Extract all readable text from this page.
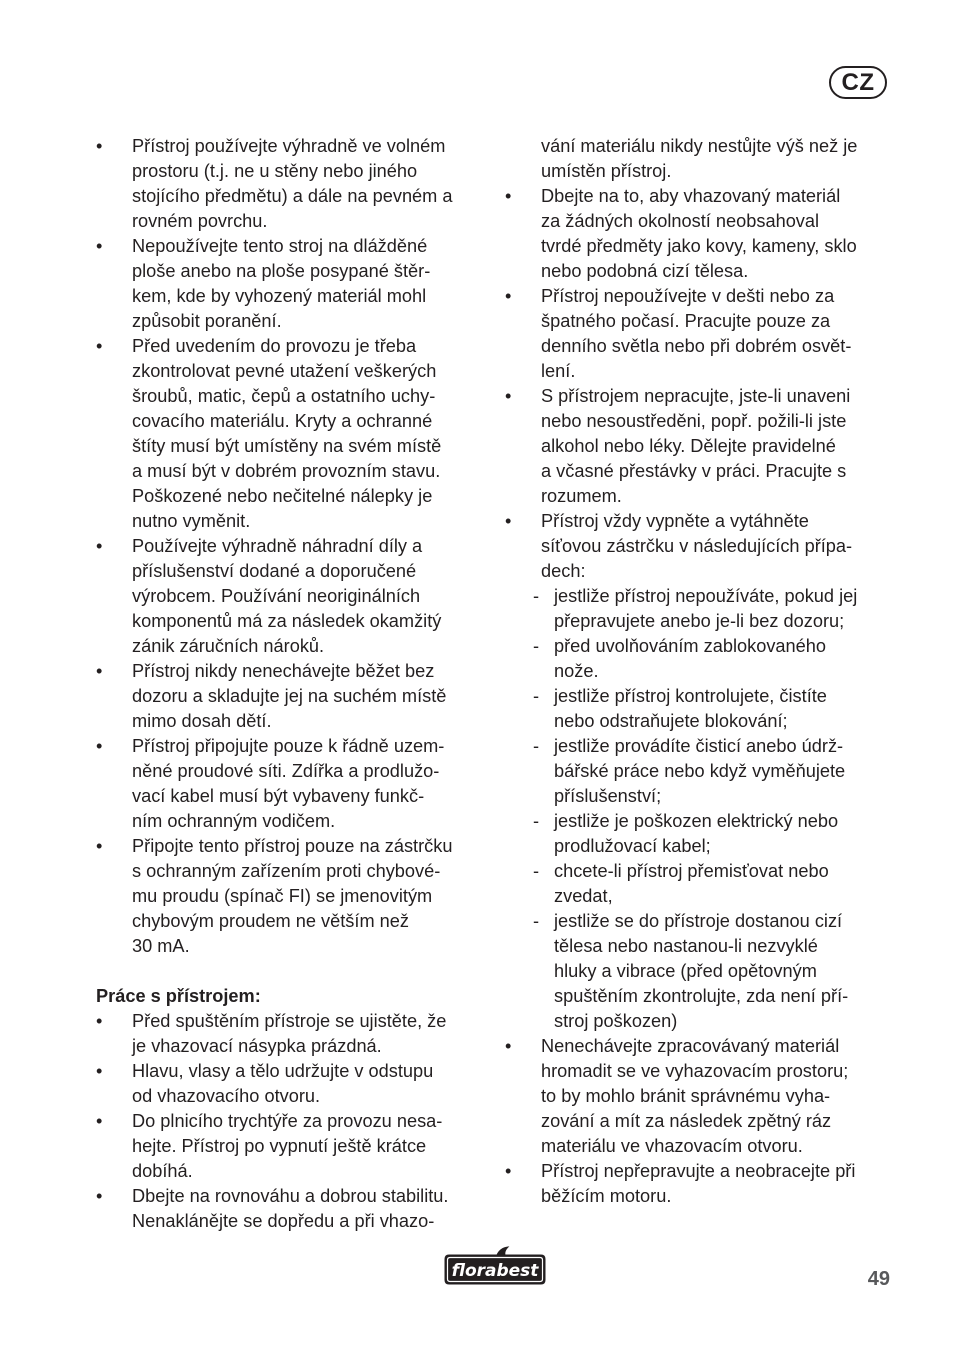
CZ
• Přístroj používejte výhradně ve volném
prostoru (t.j. ne u stěny nebo jiného
stojícího předmětu) a dále na pevném a
rovném povrchu.
• Nepoužívejte tento stroj na dlážděné
ploše anebo na ploše posypané štěr-
kem, kde by vyhozený materiál mohl
způsobit poranění.
• Před uvedením do provozu je třeba
zkontrolovat pevné utažení veškerých
šroubů, matic, čepů a ostatního uchy-
covacího materiálu. Kryty a ochranné
štíty musí být umístěny na svém místě
a musí být v dobrém provozním stavu.
Poškozené nebo nečitelné nálepky je
nutno vyměnit.
• Používejte výhradně náhradní díly a
příslušenství dodané a doporučené
výrobcem. Používání neoriginálních
komponentů má za následek okamžitý
zánik záručních nároků.
• Přístroj nikdy nenechávejte běžet bez
dozoru a skladujte jej na suchém místě
mimo dosah dětí.
• Přístroj připojujte pouze k řádně uzem-
něné proudové síti. Zdířka a prodlužo-
vací kabel musí být vybaveny funkč-
ním ochranným vodičem.
• Připojte tento přístroj pouze na zástrčku
s ochranným zařízením proti chybové-
mu proudu (spínač FI) se jmenovitým
chybovým proudem ne větším než
30 mA.
Práce s přístrojem:
• Před spuštěním přístroje se ujistěte, že
je vhazovací násypka prázdná.
• Hlavu, vlasy a tělo udržujte v odstupu
od vhazovacího otvoru.
• Do plnicího trychtýře za provozu nesa-
hejte. Přístroj po vypnutí ještě krátce
dobíhá.
• Dbejte na rovnováhu a dobrou stabilitu.
Nenaklánějte se dopředu a při vhazo-
vání materiálu nikdy nestůjte výš než je
umístěn přístroj.
• Dbejte na to, aby vhazovaný materiál
za žádných okolností neobsahoval
tvrdé předměty jako kovy, kameny, sklo
nebo podobná cizí tělesa.
• Přístroj nepoužívejte v dešti nebo za
špatného počasí. Pracujte pouze za
denního světla nebo při dobrém osvět-
lení.
• S přístrojem nepracujte, jste-li unaveni
nebo nesoustředěni, popř. požili-li jste
alkohol nebo léky. Dělejte pravidelné
a včasné přestávky v práci. Pracujte s
rozumem.
• Přístroj vždy vypněte a vytáhněte
síťovou zástrčku v následujících přípa-
dech:
- jestliže přístroj nepoužíváte, pokud jej
přepravujete anebo je-li bez dozoru;
- před uvolňováním zablokovaného
nože.
- jestliže přístroj kontrolujete, čistíte
nebo odstraňujete blokování;
- jestliže provádíte čisticí anebo údrž-
bářské práce nebo když vyměňujete
příslušenství;
- jestliže je poškozen elektrický nebo
prodlužovací kabel;
- chcete-li přístroj přemisťovat nebo
zvedat,
- jestliže se do přístroje dostanou cizí
tělesa nebo nastanou-li nezvyklé
hluky a vibrace (před opětovným
spuštěním zkontrolujte, zda není pří-
stroj poškozen)
• Nenechávejte zpracovávaný materiál
hromadit se ve vyhazovacím prostoru;
to by mohlo bránit správnému vyha-
zování a mít za následek zpětný ráz
materiálu ve vhazovacím otvoru.
• Přístroj nepřepravujte a neobracejte při
běžícím motoru.
florabest	49
